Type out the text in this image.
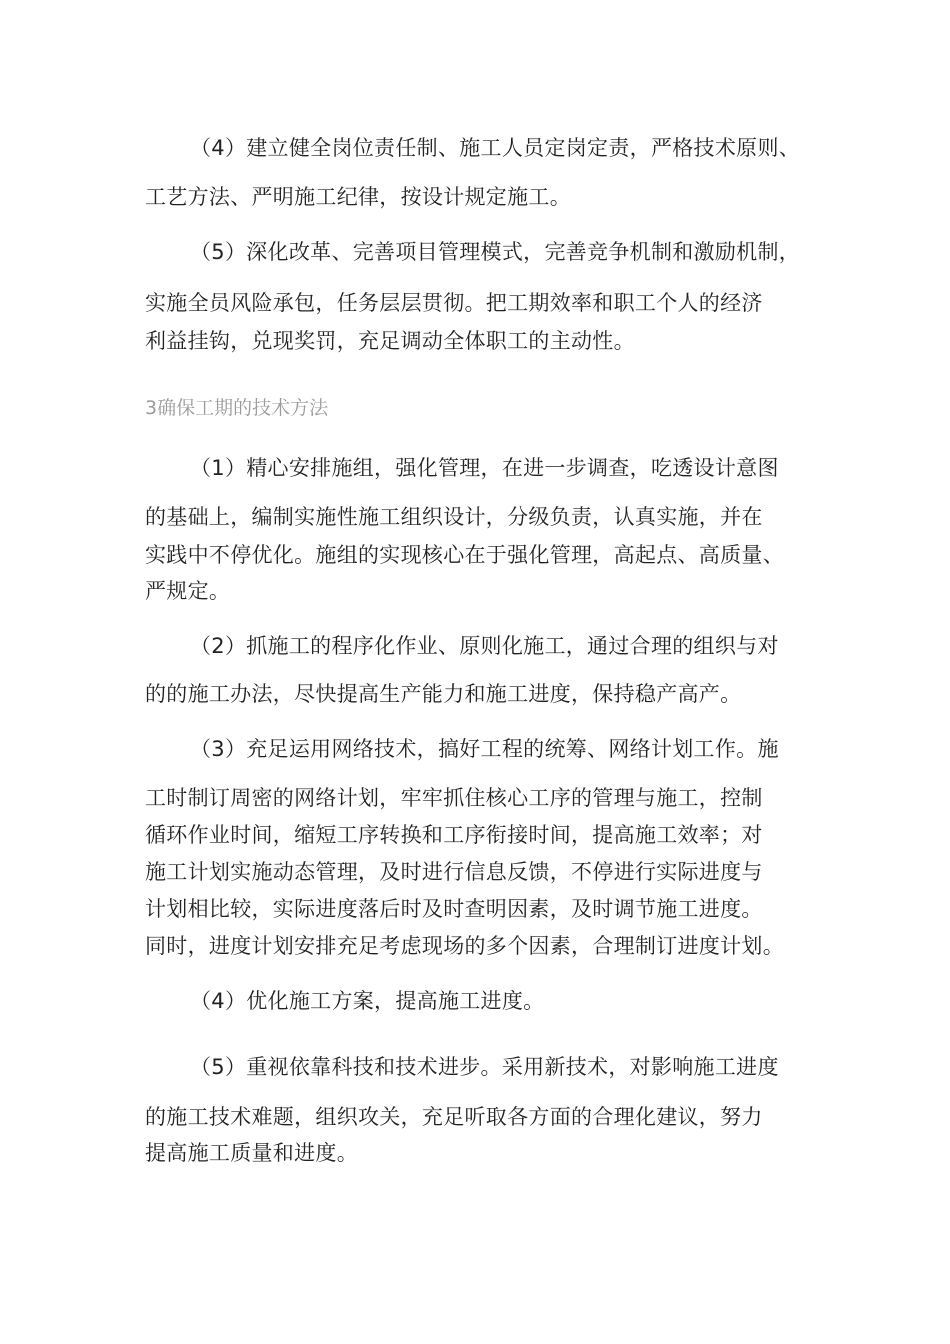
（4）建立健全岗位责任制、施工人员定岗定责，严格技术原则、
工艺方法、严明施工纪律，按设计规定施工。
（5）深化改革、完善项目管理模式，完善竞争机制和激励机制，
实施全员风险承包，任务层层贯彻。把工期效率和职工个人的经济
利益挂钩，兑现奖罚，充足调动全体职工的主动性。
3确保工期的技术方法
（1）精心安排施组，强化管理，在进一步调查，吃透设计意图
的基础上，编制实施性施工组织设计，分级负责，认真实施，并在
实践中不停优化。施组的实现核心在于强化管理，高起点、高质量、
严规定。
（2）抓施工的程序化作业、原则化施工，通过合理的组织与对
的的施工办法，尽快提高生产能力和施工进度，保持稳产高产。
（3）充足运用网络技术，搞好工程的统筹、网络计划工作。施
工时制订周密的网络计划，牢牢抓住核心工序的管理与施工，控制
循环作业时间，缩短工序转换和工序衔接时间，提高施工效率；对
施工计划实施动态管理，及时进行信息反馈，不停进行实际进度与
计划相比较，实际进度落后时及时查明因素，及时调节施工进度。
同时，进度计划安排充足考虑现场的多个因素，合理制订进度计划。
（4）优化施工方案，提高施工进度。
（5）重视依靠科技和技术进步。采用新技术，对影响施工进度
的施工技术难题，组织攻关，充足听取各方面的合理化建议，努力
提高施工质量和进度。
